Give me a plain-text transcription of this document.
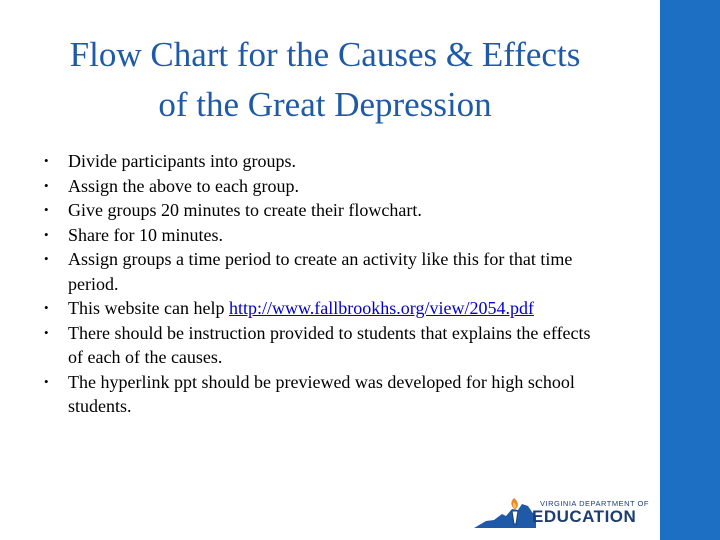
Flow Chart for the Causes & Effects
of the Great Depression
• Divide participants into groups.
• Assign the above to each group.
• Give groups 20 minutes to create their flowchart.
• Share for 10 minutes.
• Assign groups a time period to create an activity like this for that time period.
• This website can help http://www.fallbrookhs.org/view/2054.pdf
• There should be instruction provided to students that explains the effects of each of the causes.
• The hyperlink ppt should be previewed was developed for high school students.
VIRGINIA DEPARTMENT OF
EDUCATION
